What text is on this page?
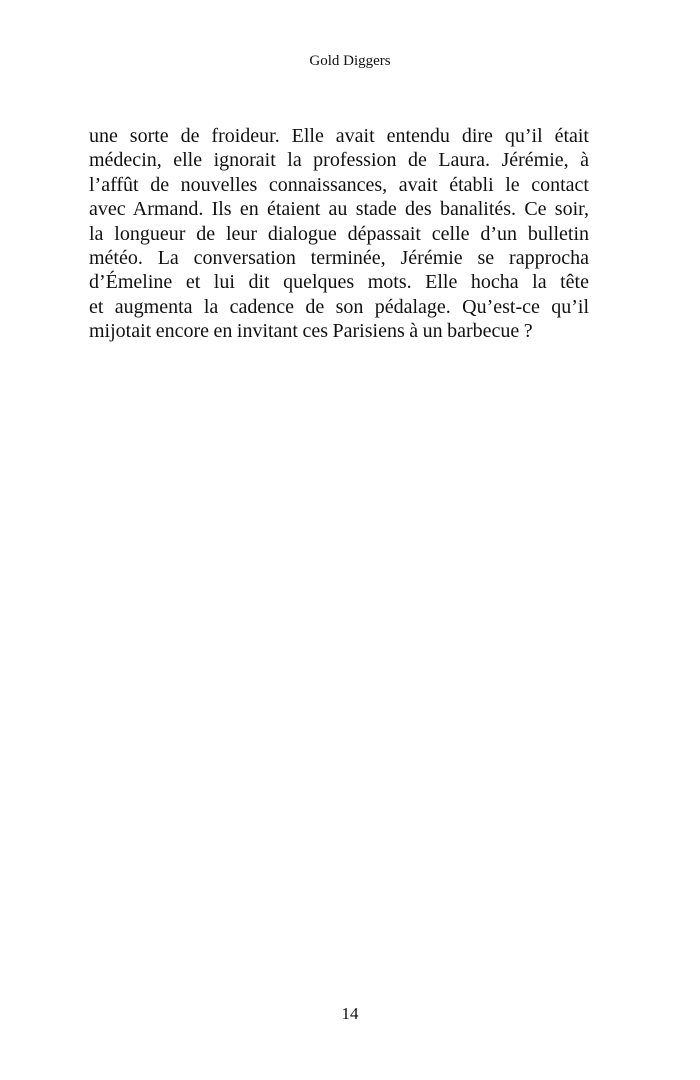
Gold Diggers
une sorte de froideur. Elle avait entendu dire qu’il était
médecin, elle ignorait la profession de Laura. Jérémie, à
l’affût de nouvelles connaissances, avait établi le contact
avec Armand. Ils en étaient au stade des banalités. Ce soir,
la longueur de leur dialogue dépassait celle d’un bulletin
météo. La conversation terminée, Jérémie se rapprocha
d’Émeline et lui dit quelques mots. Elle hocha la tête
et augmenta la cadence de son pédalage. Qu’est-ce qu’il
mijotait encore en invitant ces Parisiens à un barbecue ?
14
